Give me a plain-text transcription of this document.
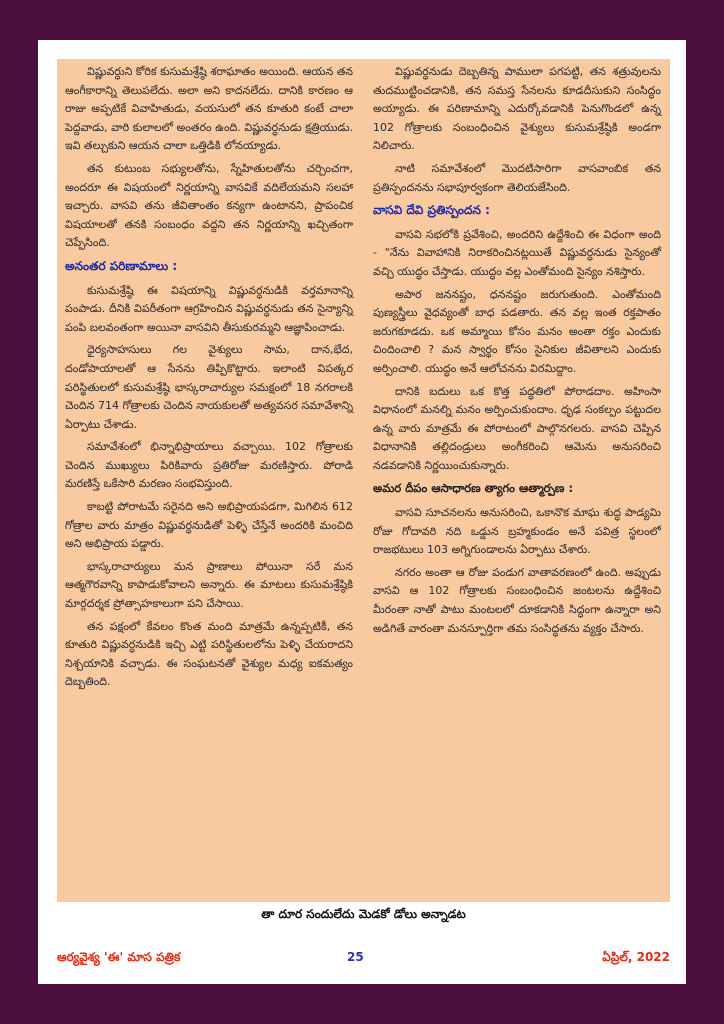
విష్ణువర్ధుని కోరిక కుసుమశ్రేష్ఠి శరాఘాతం అయింది. ఆయన తన ఆంగీకారాన్ని తెలుపలేదు. అలా అని కాదనలేదు. దానికి కారణం ఆ రాజు అప్పటికే వివాహితుడు, వయసులో తన కూతురి కంటే చాలా పెద్దవాడు, వారి కులాలలో అంతరం ఉంది. విష్ణువర్ధనుడు క్షత్రియుడు. ఇవి తల్చుకుని ఆయన చాలా ఒత్తిడికి లోనయ్యాడు.

తన కుటుంబ సభ్యులతోను, స్నేహితులతోను చర్చించగా, అందరూ ఈ విషయంలో నిర్ణయాన్ని వాసవికే వదిలేయమని సలహా ఇచ్చారు. వాసవి తను జీవితాంతం కన్యగా ఉంటానని, ప్రాపంచిక విషయాలతో తనకి సంబంధం వద్దని తన నిర్ణయాన్ని ఖచ్చితంగా చెప్పేసింది.

అనంతర పరిణామాలు :

కుసుమశ్రేష్ఠి ఈ విషయాన్ని విష్ణువర్ధనుడికి వర్తమానాన్ని పంపాడు. దీనికి విపరీతంగా ఆగ్రహించిన విష్ణువర్ధనుడు తన సైన్యాన్ని పంపి బలవంతంగా అయినా వాసవిని తీసుకురమ్మని ఆజ్ఞాపించాడు.

ధైర్యసాహసులు గల వైశ్యులు సామ, దాన,భేద, దండోపాయాలతో ఆ సేనను తిప్పికొట్టారు. ఇలాంటి విపత్కర పరిస్థితులలో కుసుమశ్రేష్ఠి భాస్కరాచార్యుల సమక్షంలో 18 నగరాలకి చెందిన 714 గోత్రాలకు చెందిన నాయకులతో అత్యవసర సమావేశాన్ని ఏర్పాటు చేశాడు.

సమావేశంలో భిన్నాభిప్రాయాలు వచ్చాయి. 102 గోత్రాలకు చెందిన ముఖ్యులు పిరికివారు ప్రతిరోజు మరణిస్తారు. పోరాడి మరణిస్తే ఒకేసారి మరణం సంభవిస్తుంది.

కాబట్టి పోరాటమే సరైనది అని అభిప్రాయపడగా, మిగిలిన 612 గోత్రాల వారు మాత్రం విష్ణువర్ధనుడితో పెళ్ళి చేస్తేనే అందరికి మంచిది అని అభిప్రాయ పడ్డారు.

భాస్కరాచార్యులు మన ప్రాణాలు పోయినా సరే మన ఆత్మగౌరవాన్ని కాపాడుకోవాలని అన్నారు. ఈ మాటలు కుసుమశ్రేష్ఠికి మార్గదర్శక ప్రోత్సాహకాలుగా పని చేసాయి.

తన పక్షంలో కేవలం కొంత మంది మాత్రమే ఉన్నప్పటికీ, తన కూతురి విష్ణువర్ధనుడికి ఇచ్చి ఎట్టి పరిస్థితులలోను పెళ్ళి చేయరాదని నిశ్చయానికి వచ్చాడు. ఈ సంఘటనతో వైశ్యుల మధ్య ఐకమత్యం దెబ్బతింది.

విష్ణువర్ధనుడు దెబ్బతిన్న పాములా పగపట్టి, తన శత్రువులను తుదముట్టించడానికి, తన సమస్త సేనలను కూడదీసుకుని సంసిద్ధం అయ్యాడు. ఈ పరిణామాన్ని ఎదుర్కోవడానికి పెనుగొండలో ఉన్న 102 గోత్రాలకు సంబంధించిన వైశ్యులు కుసుమశ్రేష్ఠికి అండగా నిలిచారు.

నాటి సమావేశంలో మొదటిసారిగా వాసవాంబిక తన ప్రతిస్పందనను సభాపూర్వకంగా తెలియజేసింది.

వాసవి దేవి ప్రతిస్పందన :

వాసవి సభలోకి ప్రవేశించి, అందరిని ఉద్దేశించి ఈ విధంగా అంది - "నేను వివాహానికి నిరాకరించినట్లయితే విష్ణువర్ధనుడు సైన్యంతో వచ్చి యుద్ధం చేస్తాడు. యుద్ధం వల్ల ఎంతోమంది సైన్యం నశిస్తారు.

అపార జననష్టం, ధననష్టం జరుగుతుంది. ఎంతోమంది పుణ్యస్త్రీలు వైధవ్యంతో బాధ పడతారు. తన వల్ల ఇంత రక్తపాతం జరుగకూడదు. ఒక అమ్మాయి కోసం మనం అంతా రక్తం ఎందుకు చిందించాలి ? మన స్వార్థం కోసం సైనికుల జీవితాలని ఎందుకు అర్పించాలి. యుద్ధం అనే ఆలోచనను విరమిద్దాం.

దానికి బదులు ఒక కొత్త పద్ధతిలో పోరాడదాం. అహింసా విధానంలో మనల్ని మనం అర్పించుకుందాం. ధృఢ సంకల్పం పట్టుదల ఉన్న వారు మాత్రమే ఈ పోరాటంలో పాల్గొనగలరు. వాసవి చెప్పిన విధానానికి తల్లిదండ్రులు అంగీకరించి ఆమెను అనుసరించి నడవడానికి నిర్ణయించుకున్నారు.

అమర దీపం ఆసాధారణ త్యాగం ఆత్మార్పణ :

వాసవి సూచనలను అనుసరించి, ఒకానొక మాఘ శుద్ధ పాడ్యమి రోజు గోదావరి నది ఒడ్డున బ్రహ్మకుండం అనే పవిత్ర స్థలంలో రాజభటులు 103 అగ్నిగుండాలను ఏర్పాటు చేశారు.

నగరం అంతా ఆ రోజు పండుగ వాతావరణంలో ఉంది. అప్పుడు వాసవి ఆ 102 గోత్రాలకు సంబంధించిన జంటలను ఉద్దేశించి మీరంతా నాతో పాటు మంటలలో దూకడానికి సిద్ధంగా ఉన్నారా అని అడిగితే వారంతా మనస్పూర్తిగా తమ సంసిద్ధతను వ్యక్తం చేసారు.

తా దూర సందులేదు మెడకో డోలు అన్నాడట
ఆర్యవైశ్య 'ఈ' మాస పత్రిక	25	ఏప్రిల్, 2022
